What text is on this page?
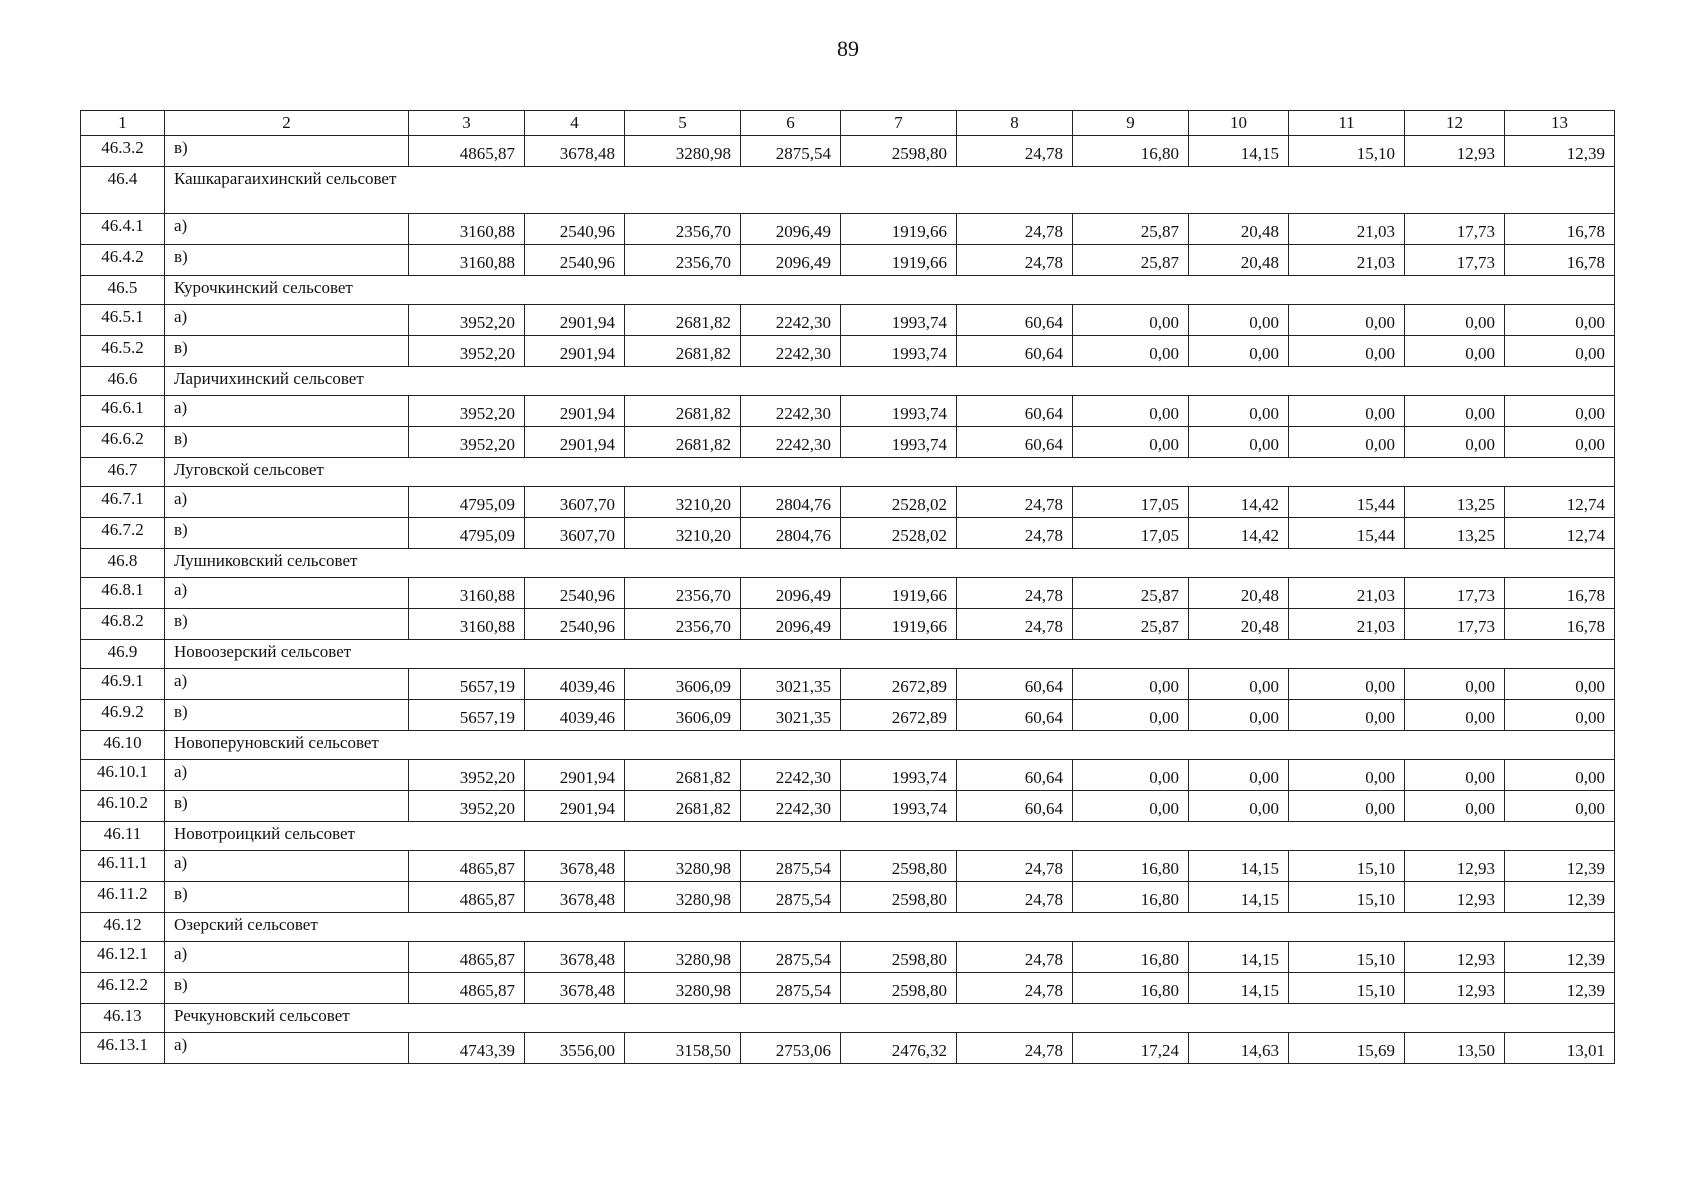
89
1	2	3	4	5	6	7	8	9	10	11	12	13
46.3.2	в)	4865,87	3678,48	3280,98	2875,54	2598,80	24,78	16,80	14,15	15,10	12,93	12,39
46.4	Кашкарагаихинский сельсовет											
46.4.1	а)	3160,88	2540,96	2356,70	2096,49	1919,66	24,78	25,87	20,48	21,03	17,73	16,78
46.4.2	в)	3160,88	2540,96	2356,70	2096,49	1919,66	24,78	25,87	20,48	21,03	17,73	16,78
46.5	Курочкинский сельсовет											
46.5.1	а)	3952,20	2901,94	2681,82	2242,30	1993,74	60,64	0,00	0,00	0,00	0,00	0,00
46.5.2	в)	3952,20	2901,94	2681,82	2242,30	1993,74	60,64	0,00	0,00	0,00	0,00	0,00
46.6	Ларичихинский сельсовет											
46.6.1	а)	3952,20	2901,94	2681,82	2242,30	1993,74	60,64	0,00	0,00	0,00	0,00	0,00
46.6.2	в)	3952,20	2901,94	2681,82	2242,30	1993,74	60,64	0,00	0,00	0,00	0,00	0,00
46.7	Луговской сельсовет											
46.7.1	а)	4795,09	3607,70	3210,20	2804,76	2528,02	24,78	17,05	14,42	15,44	13,25	12,74
46.7.2	в)	4795,09	3607,70	3210,20	2804,76	2528,02	24,78	17,05	14,42	15,44	13,25	12,74
46.8	Лушниковский сельсовет											
46.8.1	а)	3160,88	2540,96	2356,70	2096,49	1919,66	24,78	25,87	20,48	21,03	17,73	16,78
46.8.2	в)	3160,88	2540,96	2356,70	2096,49	1919,66	24,78	25,87	20,48	21,03	17,73	16,78
46.9	Новоозерский сельсовет											
46.9.1	а)	5657,19	4039,46	3606,09	3021,35	2672,89	60,64	0,00	0,00	0,00	0,00	0,00
46.9.2	в)	5657,19	4039,46	3606,09	3021,35	2672,89	60,64	0,00	0,00	0,00	0,00	0,00
46.10	Новоперуновский сельсовет											
46.10.1	а)	3952,20	2901,94	2681,82	2242,30	1993,74	60,64	0,00	0,00	0,00	0,00	0,00
46.10.2	в)	3952,20	2901,94	2681,82	2242,30	1993,74	60,64	0,00	0,00	0,00	0,00	0,00
46.11	Новотроицкий сельсовет											
46.11.1	а)	4865,87	3678,48	3280,98	2875,54	2598,80	24,78	16,80	14,15	15,10	12,93	12,39
46.11.2	в)	4865,87	3678,48	3280,98	2875,54	2598,80	24,78	16,80	14,15	15,10	12,93	12,39
46.12	Озерский сельсовет											
46.12.1	а)	4865,87	3678,48	3280,98	2875,54	2598,80	24,78	16,80	14,15	15,10	12,93	12,39
46.12.2	в)	4865,87	3678,48	3280,98	2875,54	2598,80	24,78	16,80	14,15	15,10	12,93	12,39
46.13	Речкуновский сельсовет											
46.13.1	а)	4743,39	3556,00	3158,50	2753,06	2476,32	24,78	17,24	14,63	15,69	13,50	13,01
